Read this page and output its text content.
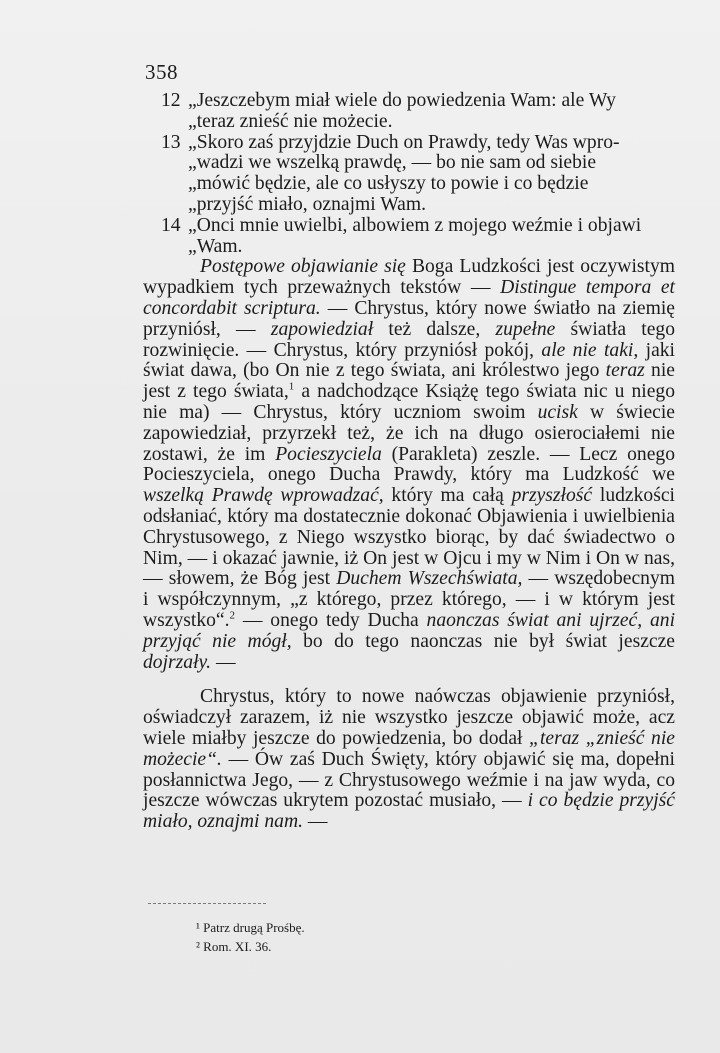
358
12 „Jeszczebym miał wiele do powiedzenia Wam: ale Wy
„teraz znieść nie możecie.
13 „Skoro zaś przyjdzie Duch on Prawdy, tedy Was wpro-
„wadzi we wszelką prawdę, — bo nie sam od siebie
„mówić będzie, ale co usłyszy to powie i co będzie
„przyjść miało, oznajmi Wam.
14 „Onci mnie uwielbi, albowiem z mojego weźmie i objawi
„Wam.

Postępowe objawianie się Boga Ludzkości jest oczywistym wypadkiem tych przeważnych tekstów — Distingue tempora et concordabit scriptura. — Chrystus, który nowe światło na ziemię przyniósł, — zapowiedział też dalsze, zupełne światła tego rozwinięcie. — Chrystus, który przyniósł pokój, ale nie taki, jaki świat dawa, (bo On nie z tego świata, ani królestwo jego teraz nie jest z tego świata,$^1$ a nadchodzące Książę tego świata nic u niego nie ma) — Chrystus, który uczniom swoim ucisk w świecie zapowiedział, przyrzekł też, że ich na długo osierociałemi nie zostawi, że im Pocieszyciela (Parakleta) zeszle. — Lecz onego Pocieszyciela, onego Ducha Prawdy, który ma Ludzkość we wszelką Prawdę wprowadzać, który ma całą przyszłość ludzkości odsłaniać, który ma dostatecznie dokonać Objawienia i uwielbienia Chrystusowego, z Niego wszystko biorąc, by dać świadectwo o Nim, — i okazać jawnie, iż On jest w Ojcu i my w Nim i On w nas, — słowem, że Bóg jest Duchem Wszechświata, — wszędobecnym i współczynnym, „z którego, przez którego, — i w którym jest wszystko“.$^2$ — onego tedy Ducha naonczas świat ani ujrzeć, ani przyjąć nie mógł, bo do tego naonczas nie był świat jeszcze dojrzały. —

Chrystus, który to nowe naówczas objawienie przyniósł, oświadczył zarazem, iż nie wszystko jeszcze objawić może, acz wiele miałby jeszcze do powiedzenia, bo dodał „teraz „znieść nie możecie“. — Ów zaś Duch Święty, który objawić się ma, dopełni posłannictwa Jego, — z Chrystusowego weźmie i na jaw wyda, co jeszcze wówczas ukrytem pozostać musiało, — i co będzie przyjść miało, oznajmi nam. —

¹ Patrz drugą Prośbę.

² Rom. XI. 36.
